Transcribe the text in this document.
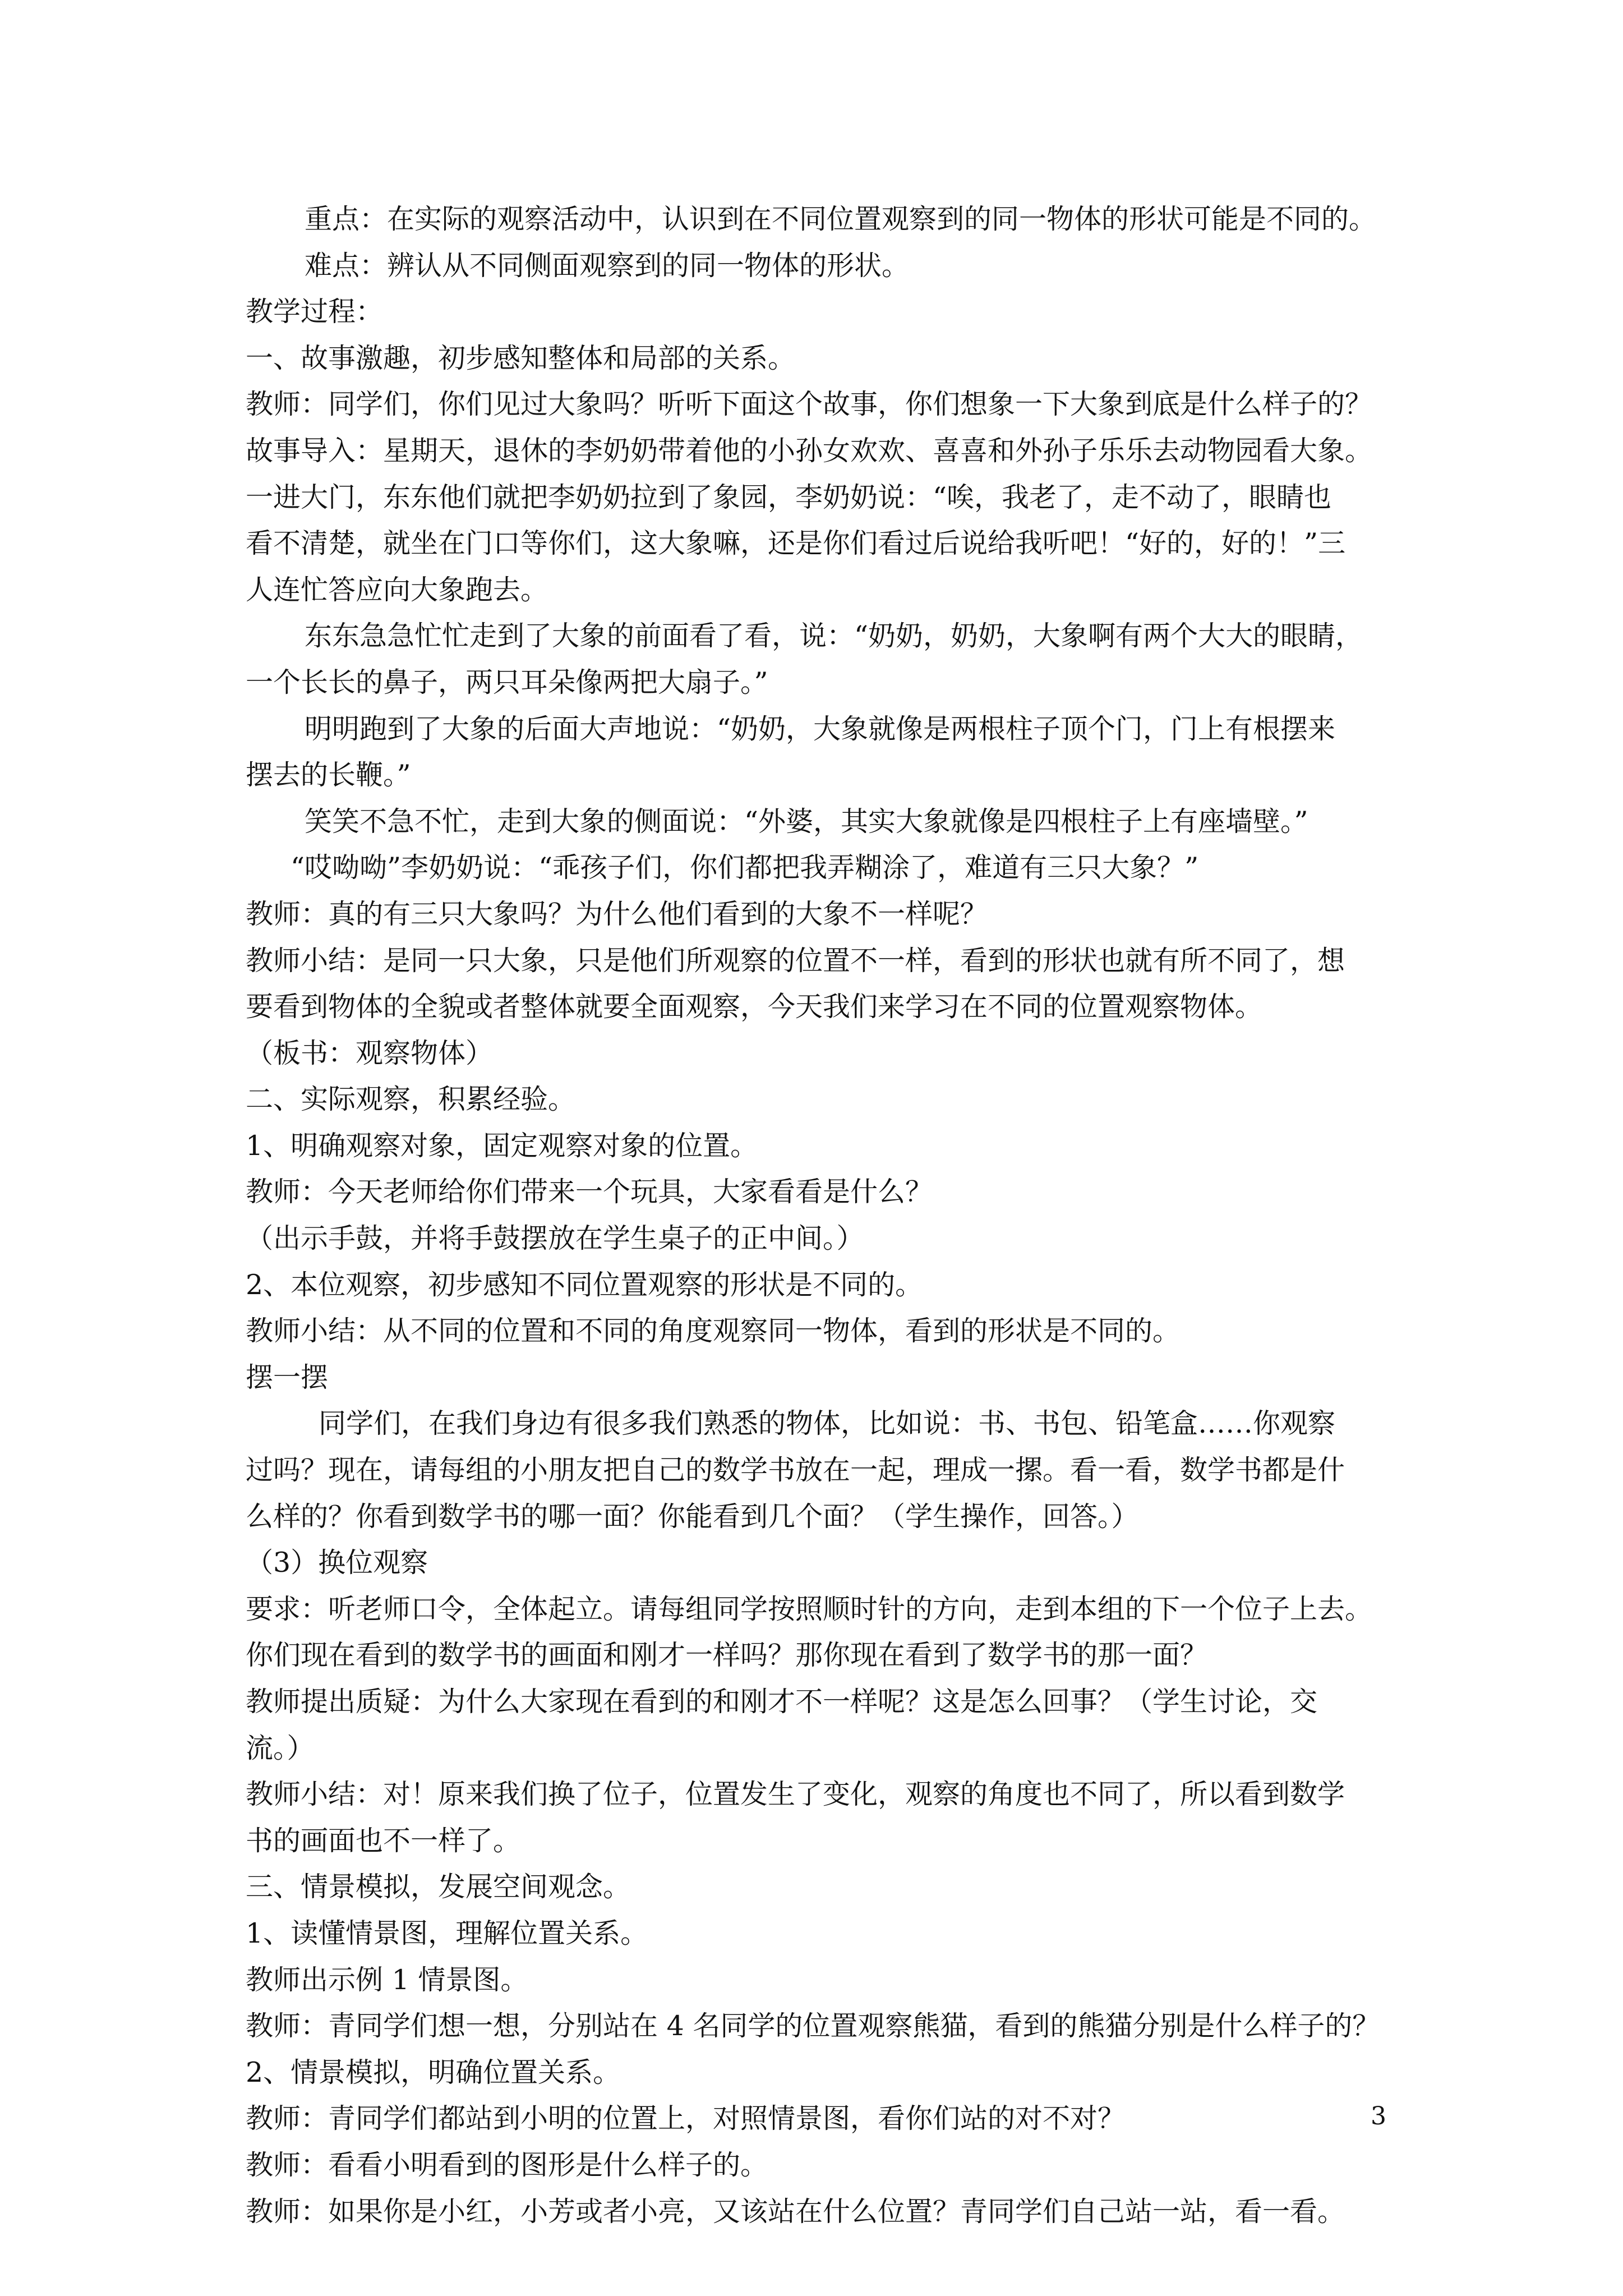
重点：在实际的观察活动中，认识到在不同位置观察到的同一物体的形状可能是不同的。
难点：辨认从不同侧面观察到的同一物体的形状。
教学过程：
一、故事激趣，初步感知整体和局部的关系。
教师：同学们，你们见过大象吗？听听下面这个故事，你们想象一下大象到底是什么样子的？
故事导入：星期天，退休的李奶奶带着他的小孙女欢欢、喜喜和外孙子乐乐去动物园看大象。
一进大门，东东他们就把李奶奶拉到了象园，李奶奶说：“唉，我老了，走不动了，眼睛也
看不清楚，就坐在门口等你们，这大象嘛，还是你们看过后说给我听吧！“好的，好的！”三
人连忙答应向大象跑去。
东东急急忙忙走到了大象的前面看了看，说：“奶奶，奶奶，大象啊有两个大大的眼睛，
一个长长的鼻子，两只耳朵像两把大扇子。”
明明跑到了大象的后面大声地说：“奶奶，大象就像是两根柱子顶个门，门上有根摆来
摆去的长鞭。”
笑笑不急不忙，走到大象的侧面说：“外婆，其实大象就像是四根柱子上有座墙壁。”
“哎呦呦”李奶奶说：“乖孩子们，你们都把我弄糊涂了，难道有三只大象？”
教师：真的有三只大象吗？为什么他们看到的大象不一样呢？
教师小结：是同一只大象，只是他们所观察的位置不一样，看到的形状也就有所不同了，想
要看到物体的全貌或者整体就要全面观察，今天我们来学习在不同的位置观察物体。
（板书：观察物体）
二、实际观察，积累经验。
1、明确观察对象，固定观察对象的位置。
教师：今天老师给你们带来一个玩具，大家看看是什么？
（出示手鼓，并将手鼓摆放在学生桌子的正中间。）
2、本位观察，初步感知不同位置观察的形状是不同的。
教师小结：从不同的位置和不同的角度观察同一物体，看到的形状是不同的。
摆一摆
同学们，在我们身边有很多我们熟悉的物体，比如说：书、书包、铅笔盒……你观察
过吗？现在，请每组的小朋友把自己的数学书放在一起，理成一摞。看一看，数学书都是什
么样的？你看到数学书的哪一面？你能看到几个面？（学生操作，回答。）
（3）换位观察
要求：听老师口令，全体起立。请每组同学按照顺时针的方向，走到本组的下一个位子上去。
你们现在看到的数学书的画面和刚才一样吗？那你现在看到了数学书的那一面？
教师提出质疑：为什么大家现在看到的和刚才不一样呢？这是怎么回事？（学生讨论，交
流。）
教师小结：对！原来我们换了位子，位置发生了变化，观察的角度也不同了，所以看到数学
书的画面也不一样了。
三、情景模拟，发展空间观念。
1、读懂情景图，理解位置关系。
教师出示例 1 情景图。
教师：青同学们想一想，分别站在 4 名同学的位置观察熊猫，看到的熊猫分别是什么样子的？
2、情景模拟，明确位置关系。
教师：青同学们都站到小明的位置上，对照情景图，看你们站的对不对？
教师：看看小明看到的图形是什么样子的。
教师：如果你是小红，小芳或者小亮，又该站在什么位置？青同学们自己站一站，看一看。
3
